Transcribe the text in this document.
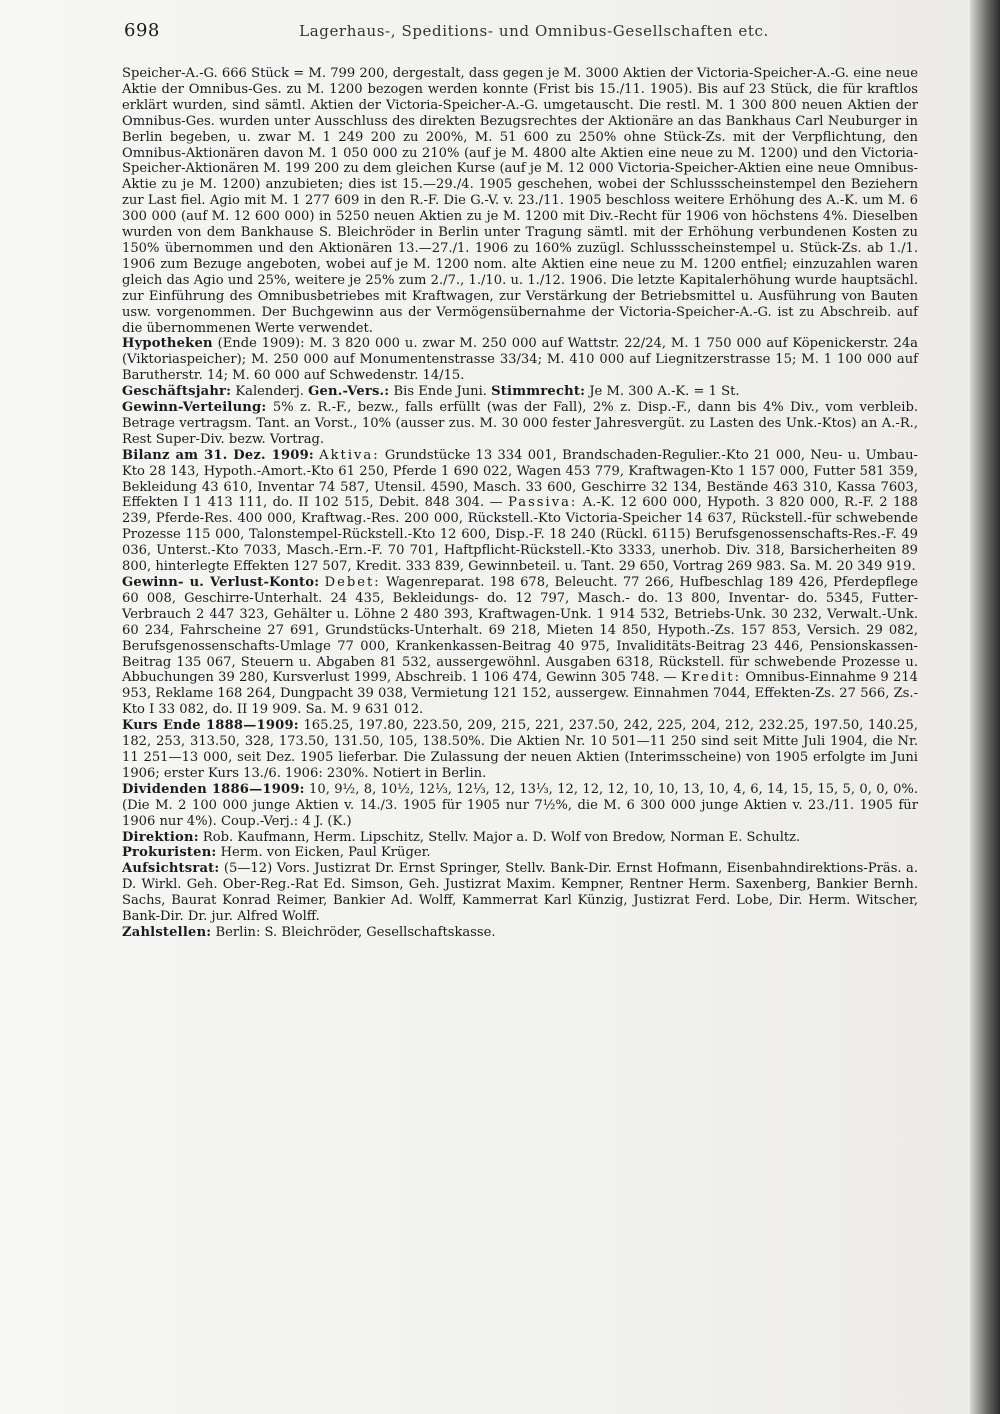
698	Lagerhaus-, Speditions- und Omnibus-Gesellschaften etc.

Speicher-A.-G. 666 Stück = M. 799 200, dergestalt, dass gegen je M. 3000 Aktien der Victoria-Speicher-A.-G. eine neue Aktie der Omnibus-Ges. zu M. 1200 bezogen werden konnte (Frist bis 15./11. 1905). Bis auf 23 Stück, die für kraftlos erklärt wurden, sind sämtl. Aktien der Victoria-Speicher-A.-G. umgetauscht. Die restl. M. 1 300 800 neuen Aktien der Omnibus-Ges. wurden unter Ausschluss des direkten Bezugsrechtes der Aktionäre an das Bankhaus Carl Neuburger in Berlin begeben, u. zwar M. 1 249 200 zu 200%, M. 51 600 zu 250% ohne Stück-Zs. mit der Verpflichtung, den Omnibus-Aktionären davon M. 1 050 000 zu 210% (auf je M. 4800 alte Aktien eine neue zu M. 1200) und den Victoria-Speicher-Aktionären M. 199 200 zu dem gleichen Kurse (auf je M. 12 000 Victoria-Speicher-Aktien eine neue Omnibus-Aktie zu je M. 1200) anzubieten; dies ist 15.—29./4. 1905 geschehen, wobei der Schlussscheinstempel den Beziehern zur Last fiel. Agio mit M. 1 277 609 in den R.-F. Die G.-V. v. 23./11. 1905 beschloss weitere Erhöhung des A.-K. um M. 6 300 000 (auf M. 12 600 000) in 5250 neuen Aktien zu je M. 1200 mit Div.-Recht für 1906 von höchstens 4%. Dieselben wurden von dem Bankhause S. Bleichröder in Berlin unter Tragung sämtl. mit der Erhöhung verbundenen Kosten zu 150% übernommen und den Aktionären 13.—27./1. 1906 zu 160% zuzügl. Schlussscheinstempel u. Stück-Zs. ab 1./1. 1906 zum Bezuge angeboten, wobei auf je M. 1200 nom. alte Aktien eine neue zu M. 1200 entfiel; einzuzahlen waren gleich das Agio und 25%, weitere je 25% zum 2./7., 1./10. u. 1./12. 1906. Die letzte Kapitalerhöhung wurde hauptsächl. zur Einführung des Omnibusbetriebes mit Kraftwagen, zur Verstärkung der Betriebsmittel u. Ausführung von Bauten usw. vorgenommen. Der Buchgewinn aus der Vermögensübernahme der Victoria-Speicher-A.-G. ist zu Abschreib. auf die übernommenen Werte verwendet.

Hypotheken (Ende 1909): M. 3 820 000 u. zwar M. 250 000 auf Wattstr. 22/24, M. 1 750 000 auf Köpenickerstr. 24a (Viktoriaspeicher); M. 250 000 auf Monumentenstrasse 33/34; M. 410 000 auf Liegnitzerstrasse 15; M. 1 100 000 auf Barutherstr. 14; M. 60 000 auf Schwedenstr. 14/15.

Geschäftsjahr: Kalenderj. Gen.-Vers.: Bis Ende Juni. Stimmrecht: Je M. 300 A.-K. = 1 St.

Gewinn-Verteilung: 5% z. R.-F., bezw., falls erfüllt (was der Fall), 2% z. Disp.-F., dann bis 4% Div., vom verbleib. Betrage vertragsm. Tant. an Vorst., 10% (ausser zus. M. 30 000 fester Jahresvergüt. zu Lasten des Unk.-Ktos) an A.-R., Rest Super-Div. bezw. Vortrag.

Bilanz am 31. Dez. 1909: Aktiva: Grundstücke 13 334 001, Brandschaden-Regulier.-Kto 21 000, Neu- u. Umbau-Kto 28 143, Hypoth.-Amort.-Kto 61 250, Pferde 1 690 022, Wagen 453 779, Kraftwagen-Kto 1 157 000, Futter 581 359, Bekleidung 43 610, Inventar 74 587, Utensil. 4590, Masch. 33 600, Geschirre 32 134, Bestände 463 310, Kassa 7603, Effekten I 1 413 111, do. II 102 515, Debit. 848 304. — Passiva: A.-K. 12 600 000, Hypoth. 3 820 000, R.-F. 2 188 239, Pferde-Res. 400 000, Kraftwag.-Res. 200 000, Rückstell.-Kto Victoria-Speicher 14 637, Rückstell.-für schwebende Prozesse 115 000, Talonstempel-Rückstell.-Kto 12 600, Disp.-F. 18 240 (Rückl. 6115) Berufsgenossenschafts-Res.-F. 49 036, Unterst.-Kto 7033, Masch.-Ern.-F. 70 701, Haftpflicht-Rückstell.-Kto 3333, unerhob. Div. 318, Barsicherheiten 89 800, hinterlegte Effekten 127 507, Kredit. 333 839, Gewinnbeteil. u. Tant. 29 650, Vortrag 269 983. Sa. M. 20 349 919.

Gewinn- u. Verlust-Konto: Debet: Wagenreparat. 198 678, Beleucht. 77 266, Hufbeschlag 189 426, Pferdepflege 60 008, Geschirre-Unterhalt. 24 435, Bekleidungs- do. 12 797, Masch.- do. 13 800, Inventar- do. 5345, Futter-Verbrauch 2 447 323, Gehälter u. Löhne 2 480 393, Kraftwagen-Unk. 1 914 532, Betriebs-Unk. 30 232, Verwalt.-Unk. 60 234, Fahrscheine 27 691, Grundstücks-Unterhalt. 69 218, Mieten 14 850, Hypoth.-Zs. 157 853, Versich. 29 082, Berufsgenossenschafts-Umlage 77 000, Krankenkassen-Beitrag 40 975, Invaliditäts-Beitrag 23 446, Pensionskassen-Beitrag 135 067, Steuern u. Abgaben 81 532, aussergewöhnl. Ausgaben 6318, Rückstell. für schwebende Prozesse u. Abbuchungen 39 280, Kursverlust 1999, Abschreib. 1 106 474, Gewinn 305 748. — Kredit: Omnibus-Einnahme 9 214 953, Reklame 168 264, Dungpacht 39 038, Vermietung 121 152, aussergew. Einnahmen 7044, Effekten-Zs. 27 566, Zs.-Kto I 33 082, do. II 19 909. Sa. M. 9 631 012.

Kurs Ende 1888—1909: 165.25, 197.80, 223.50, 209, 215, 221, 237.50, 242, 225, 204, 212, 232.25, 197.50, 140.25, 182, 253, 313.50, 328, 173.50, 131.50, 105, 138.50%. Die Aktien Nr. 10 501—11 250 sind seit Mitte Juli 1904, die Nr. 11 251—13 000, seit Dez. 1905 lieferbar. Die Zulassung der neuen Aktien (Interimsscheine) von 1905 erfolgte im Juni 1906; erster Kurs 13./6. 1906: 230%. Notiert in Berlin.

Dividenden 1886—1909: 10, 9½, 8, 10½, 12⅓, 12⅓, 12, 13⅓, 12, 12, 12, 10, 10, 13, 10, 4, 6, 14, 15, 15, 5, 0, 0, 0%. (Die M. 2 100 000 junge Aktien v. 14./3. 1905 für 1905 nur 7½%, die M. 6 300 000 junge Aktien v. 23./11. 1905 für 1906 nur 4%). Coup.-Verj.: 4 J. (K.)

Direktion: Rob. Kaufmann, Herm. Lipschitz, Stellv. Major a. D. Wolf von Bredow, Norman E. Schultz.

Prokuristen: Herm. von Eicken, Paul Krüger.

Aufsichtsrat: (5—12) Vors. Justizrat Dr. Ernst Springer, Stellv. Bank-Dir. Ernst Hofmann, Eisenbahndirektions-Präs. a. D. Wirkl. Geh. Ober-Reg.-Rat Ed. Simson, Geh. Justizrat Maxim. Kempner, Rentner Herm. Saxenberg, Bankier Bernh. Sachs, Baurat Konrad Reimer, Bankier Ad. Wolff, Kammerrat Karl Künzig, Justizrat Ferd. Lobe, Dir. Herm. Witscher, Bank-Dir. Dr. jur. Alfred Wolff.

Zahlstellen: Berlin: S. Bleichröder, Gesellschaftskasse.
